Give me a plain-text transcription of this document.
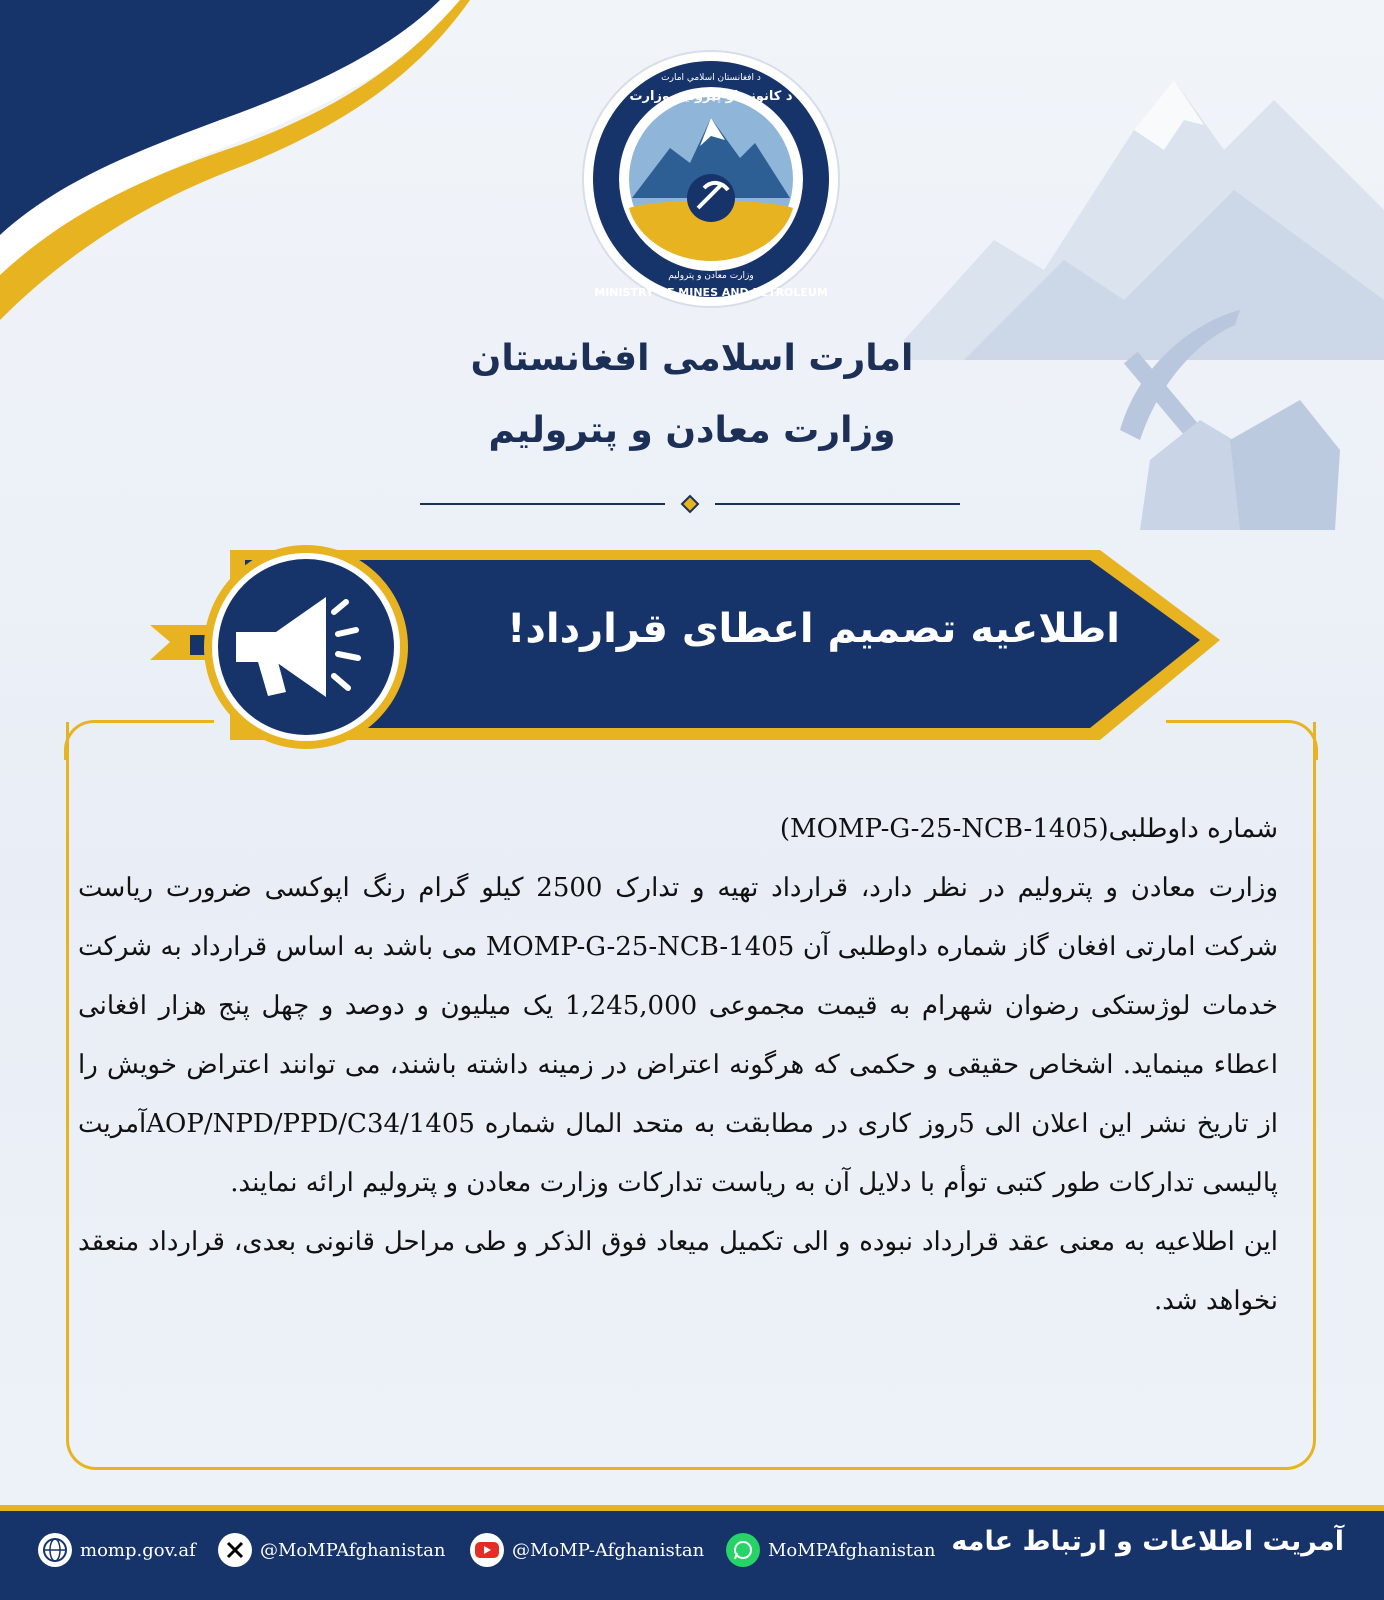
د افغانستان اسلامي امارت
د کانونو او پټرولیم وزارت
MINISTRY OF MINES AND PETROLEUM
وزارت معادن و پترولیم
امارت اسلامی افغانستان
وزارت معادن و پترولیم
اطلاعیه تصمیم اعطای قرارداد!

شماره داوطلبی(MOMP-G-25-NCB-1405)

وزارت معادن و پترولیم در نظر دارد، قرارداد تهیه و تدارک 2500 کیلو گرام رنگ اپوکسی ضرورت ریاست شرکت امارتی افغان گاز شماره داوطلبی آن MOMP-G-25-NCB-1405 می باشد به اساس قرارداد به شرکت خدمات لوژستکی رضوان شهرام به قیمت مجموعی 1,245,000 یک میلیون و دوصد و چهل پنج هزار افغانی اعطاء مینماید. اشخاص حقیقی و حکمی که هرگونه اعتراض در زمینه داشته باشند، می توانند اعتراض خویش را از تاریخ نشر این اعلان الی 5روز کاری در مطابقت به متحد المال شماره AOP/NPD/PPD/C34/1405آمریت پالیسی تدارکات طور کتبی توأم با دلایل آن به ریاست تدارکات وزارت معادن و پترولیم ارائه نمایند.

این اطلاعیه به معنی عقد قرارداد نبوده و الی تکمیل میعاد فوق الذکر و طی مراحل قانونی بعدی، قرارداد منعقد نخواهد شد.

momp.gov.af	@MoMPAfghanistan	@MoMP-Afghanistan	MoMPAfghanistan آمریت اطلاعات و ارتباط عامه
